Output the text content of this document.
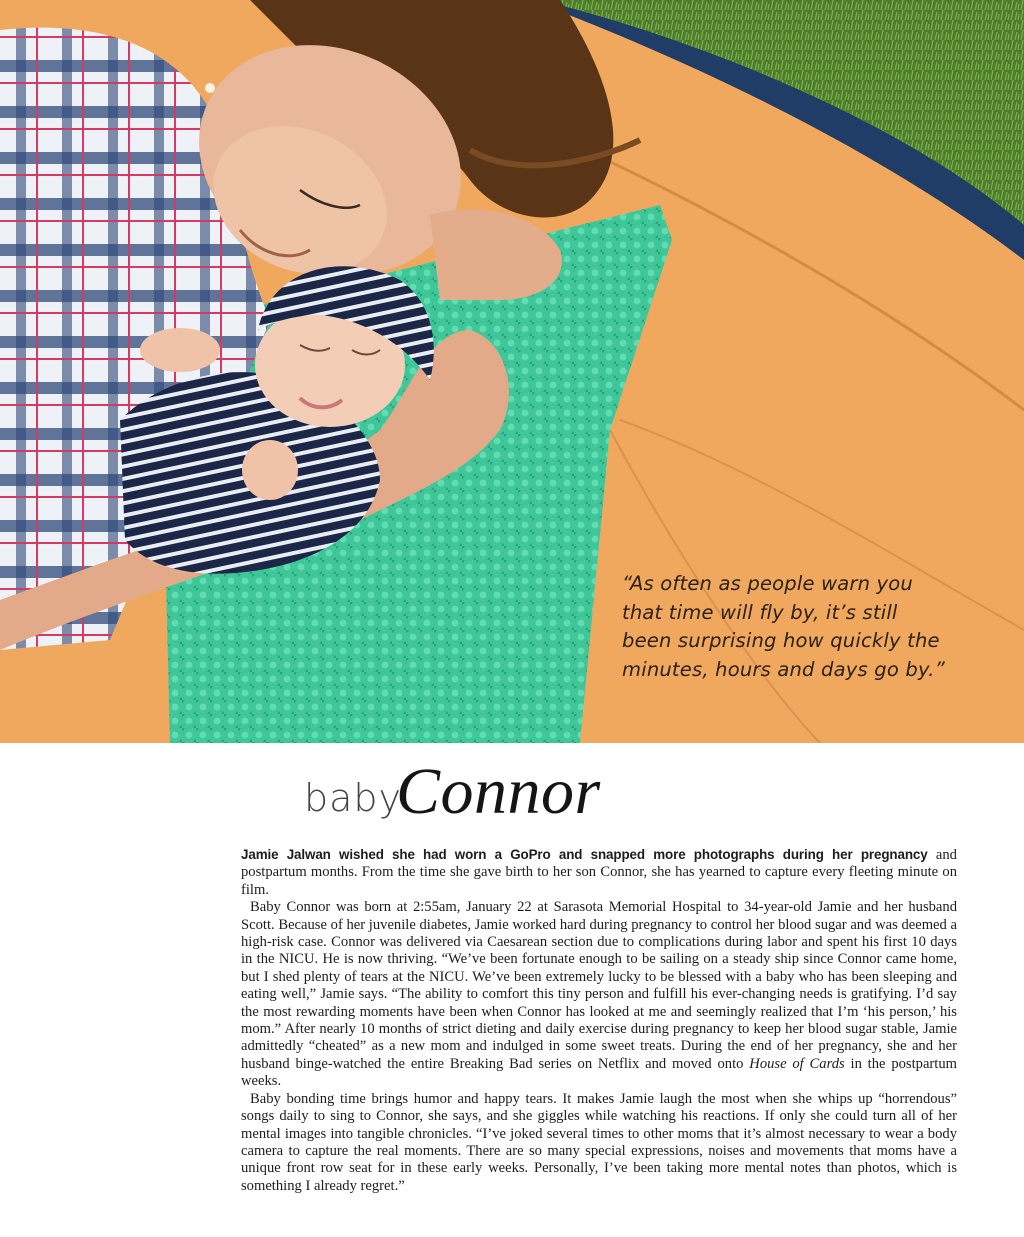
“As often as people warn you
that time will fly by, it’s still
been surprising how quickly the
minutes, hours and days go by.”
baby
Connor

Jamie Jalwan wished she had worn a GoPro and snapped more photographs during her pregnancy and postpartum months. From the time she gave birth to her son Connor, she has yearned to capture every fleeting minute on film.

Baby Connor was born at 2:55am, January 22 at Sarasota Memorial Hospital to 34-year-old Jamie and her husband Scott. Because of her juvenile diabetes, Jamie worked hard during pregnancy to control her blood sugar and was deemed a high-risk case. Connor was delivered via Caesarean section due to complications during labor and spent his first 10 days in the NICU. He is now thriving. “We’ve been fortunate enough to be sailing on a steady ship since Connor came home, but I shed plenty of tears at the NICU. We’ve been extremely lucky to be blessed with a baby who has been sleeping and eating well,” Jamie says. “The ability to comfort this tiny person and fulfill his ever-changing needs is gratifying. I’d say the most rewarding moments have been when Connor has looked at me and seemingly realized that I’m ‘his person,’ his mom.” After nearly 10 months of strict dieting and daily exercise during pregnancy to keep her blood sugar stable, Jamie admittedly “cheated” as a new mom and indulged in some sweet treats. During the end of her pregnancy, she and her husband binge-watched the entire Breaking Bad series on Netflix and moved onto House of Cards in the postpartum weeks.

Baby bonding time brings humor and happy tears. It makes Jamie laugh the most when she whips up “horrendous” songs daily to sing to Connor, she says, and she giggles while watching his reactions. If only she could turn all of her mental images into tangible chronicles. “I’ve joked several times to other moms that it’s almost necessary to wear a body camera to capture the real moments. There are so many special expressions, noises and movements that moms have a unique front row seat for in these early weeks. Personally, I’ve been taking more mental notes than photos, which is something I already regret.”
